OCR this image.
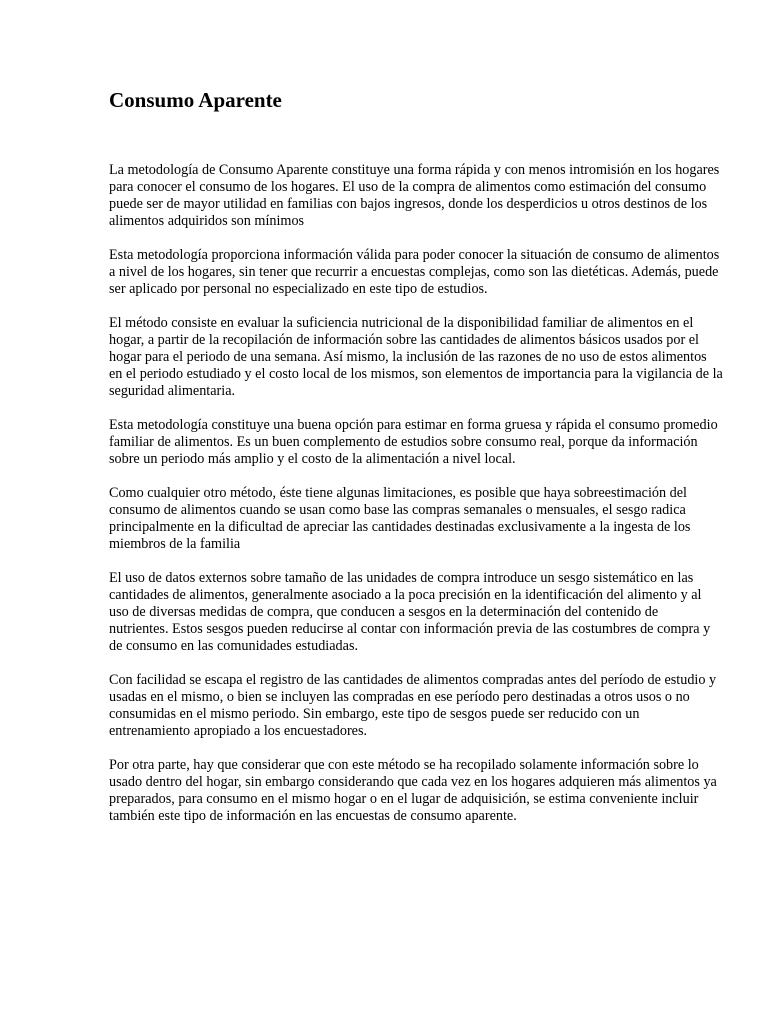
Consumo Aparente

La metodología de Consumo Aparente constituye una forma rápida y con menos intromisión en los hogares
para conocer el consumo de los hogares. El uso de la compra de alimentos como estimación del consumo
puede ser de mayor utilidad en familias con bajos ingresos, donde los desperdicios u otros destinos de los
alimentos adquiridos son mínimos

Esta metodología proporciona información válida para poder conocer la situación de consumo de alimentos
a nivel de los hogares, sin tener que recurrir a encuestas complejas, como son las dietéticas. Además, puede
ser aplicado por personal no especializado en este tipo de estudios.

El método consiste en evaluar la suficiencia nutricional de la disponibilidad familiar de alimentos en el
hogar, a partir de la recopilación de información sobre las cantidades de alimentos básicos usados por el
hogar para el periodo de una semana. Así mismo, la inclusión de las razones de no uso de estos alimentos
en el periodo estudiado y el costo local de los mismos, son elementos de importancia para la vigilancia de la
seguridad alimentaria.

Esta metodología constituye una buena opción para estimar en forma gruesa y rápida el consumo promedio
familiar de alimentos. Es un buen complemento de estudios sobre consumo real, porque da información
sobre un periodo más amplio y el costo de la alimentación a nivel local.

Como cualquier otro método, éste tiene algunas limitaciones, es posible que haya sobreestimación del
consumo de alimentos cuando se usan como base las compras semanales o mensuales, el sesgo radica
principalmente en la dificultad de apreciar las cantidades destinadas exclusivamente a la ingesta de los
miembros de la familia

El uso de datos externos sobre tamaño de las unidades de compra introduce un sesgo sistemático en las
cantidades de alimentos, generalmente asociado a la poca precisión en la identificación del alimento y al
uso de diversas medidas de compra, que conducen a sesgos en la determinación del contenido de
nutrientes. Estos sesgos pueden reducirse al contar con información previa de las costumbres de compra y
de consumo en las comunidades estudiadas.

Con facilidad se escapa el registro de las cantidades de alimentos compradas antes del período de estudio y
usadas en el mismo, o bien se incluyen las compradas en ese período pero destinadas a otros usos o no
consumidas en el mismo periodo. Sin embargo, este tipo de sesgos puede ser reducido con un
entrenamiento apropiado a los encuestadores.

Por otra parte, hay que considerar que con este método se ha recopilado solamente información sobre lo
usado dentro del hogar, sin embargo considerando que cada vez en los hogares adquieren más alimentos ya
preparados, para consumo en el mismo hogar o en el lugar de adquisición, se estima conveniente incluir
también este tipo de información en las encuestas de consumo aparente.
